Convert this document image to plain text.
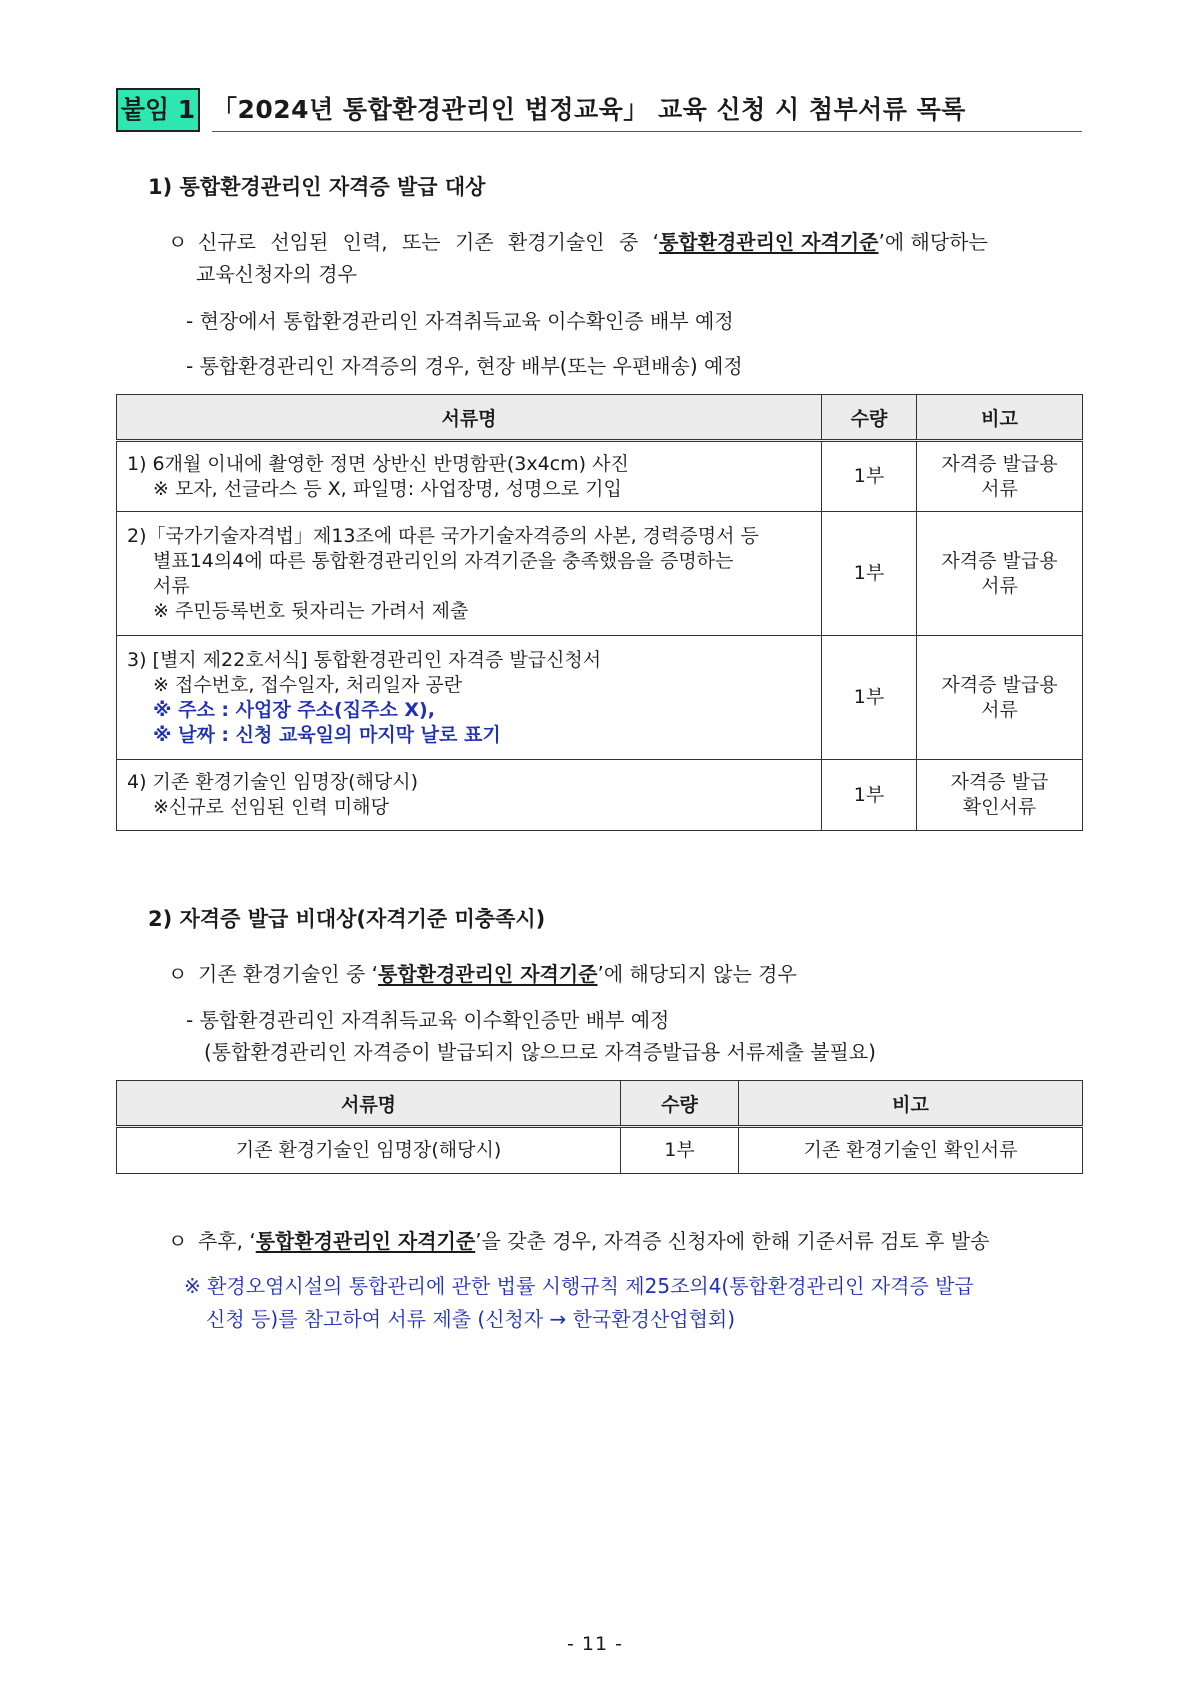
붙임 1 「2024년 통합환경관리인 법정교육」 교육 신청 시 첨부서류 목록
1) 통합환경관리인 자격증 발급 대상
ㅇ 신규로 선임된 인력, 또는 기존 환경기술인 중 ‘통합환경관리인 자격기준’에 해당하는
교육신청자의 경우
- 현장에서 통합환경관리인 자격취득교육 이수확인증 배부 예정
- 통합환경관리인 자격증의 경우, 현장 배부(또는 우편배송) 예정
서류명	수량	비고

1) 6개월 이내에 촬영한 정면 상반신 반명함판(3x4cm) 사진
※ 모자, 선글라스 등 X, 파일명: 사업장명, 성명으로 기입	1부	자격증 발급용
서류

2)「국가기술자격법」제13조에 따른 국가기술자격증의 사본, 경력증명서 등
별표14의4에 따른 통합환경관리인의 자격기준을 충족했음을 증명하는
서류
※ 주민등록번호 뒷자리는 가려서 제출	1부	자격증 발급용
서류

3) [별지 제22호서식] 통합환경관리인 자격증 발급신청서
※ 접수번호, 접수일자, 처리일자 공란
※ 주소 : 사업장 주소(집주소 X),
※ 날짜 : 신청 교육일의 마지막 날로 표기	1부	자격증 발급용
서류

4) 기존 환경기술인 임명장(해당시)
※신규로 선임된 인력 미해당	1부	자격증 발급
확인서류
2) 자격증 발급 비대상(자격기준 미충족시)
ㅇ 기존 환경기술인 중 ‘통합환경관리인 자격기준’에 해당되지 않는 경우
- 통합환경관리인 자격취득교육 이수확인증만 배부 예정
(통합환경관리인 자격증이 발급되지 않으므로 자격증발급용 서류제출 불필요)
서류명	수량	비고
기존 환경기술인 임명장(해당시)	1부	기존 환경기술인 확인서류
ㅇ 추후, ‘통합환경관리인 자격기준’을 갖춘 경우, 자격증 신청자에 한해 기준서류 검토 후 발송
※ 환경오염시설의 통합관리에 관한 법률 시행규칙 제25조의4(통합환경관리인 자격증 발급
신청 등)를 참고하여 서류 제출 (신청자 → 한국환경산업협회)
- 11 -
